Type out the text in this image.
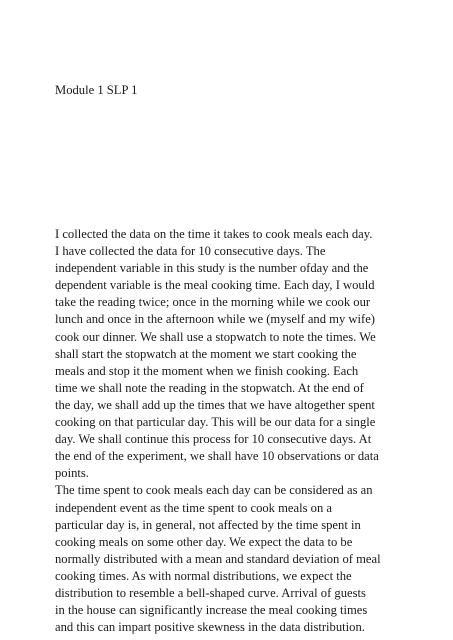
Module 1 SLP 1
I collected the data on the time it takes to cook meals each day.
I have collected the data for 10 consecutive days. The
independent variable in this study is the number ofday and the
dependent variable is the meal cooking time. Each day, I would
take the reading twice; once in the morning while we cook our
lunch and once in the afternoon while we (myself and my wife)
cook our dinner. We shall use a stopwatch to note the times. We
shall start the stopwatch at the moment we start cooking the
meals and stop it the moment when we finish cooking. Each
time we shall note the reading in the stopwatch. At the end of
the day, we shall add up the times that we have altogether spent
cooking on that particular day. This will be our data for a single
day. We shall continue this process for 10 consecutive days. At
the end of the experiment, we shall have 10 observations or data
points.
The time spent to cook meals each day can be considered as an
independent event as the time spent to cook meals on a
particular day is, in general, not affected by the time spent in
cooking meals on some other day. We expect the data to be
normally distributed with a mean and standard deviation of meal
cooking times. As with normal distributions, we expect the
distribution to resemble a bell-shaped curve. Arrival of guests
in the house can significantly increase the meal cooking times
and this can impart positive skewness in the data distribution.
